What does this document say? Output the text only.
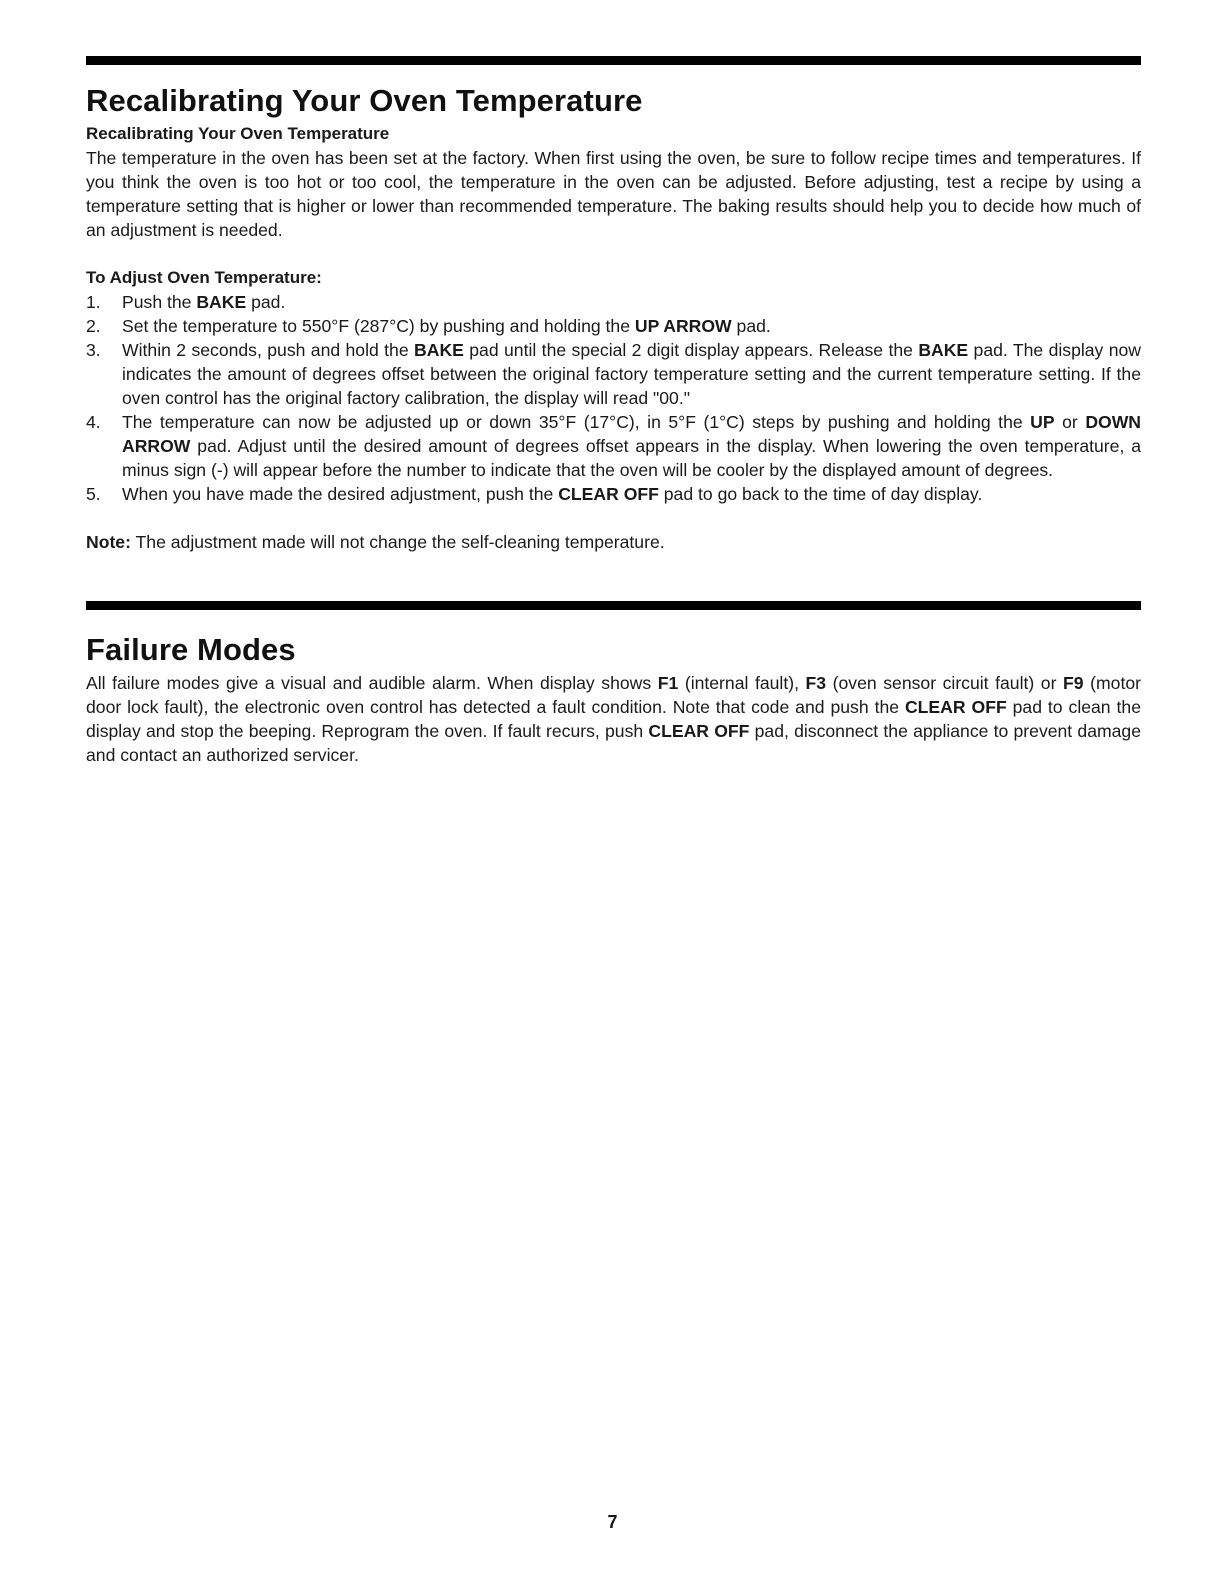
Recalibrating Your Oven Temperature
Recalibrating Your Oven Temperature

The temperature in the oven has been set at the factory. When first using the oven, be sure to follow recipe times and temperatures. If you think the oven is too hot or too cool, the temperature in the oven can be adjusted. Before adjusting, test a recipe by using a temperature setting that is higher or lower than recommended temperature. The baking results should help you to decide how much of an adjustment is needed.

To Adjust Oven Temperature:
1.	Push the BAKE pad.
2.	Set the temperature to 550°F (287°C) by pushing and holding the UP ARROW pad.
3.	Within 2 seconds, push and hold the BAKE pad until the special 2 digit display appears. Release the BAKE pad. The display now indicates the amount of degrees offset between the original factory temperature setting and the current temperature setting. If the oven control has the original factory calibration, the display will read "00."
4.	The temperature can now be adjusted up or down 35°F (17°C), in 5°F (1°C) steps by pushing and holding the UP or DOWN ARROW pad. Adjust until the desired amount of degrees offset appears in the display. When lowering the oven temperature, a minus sign (-) will appear before the number to indicate that the oven will be cooler by the displayed amount of degrees.
5.	When you have made the desired adjustment, push the CLEAR OFF pad to go back to the time of day display.

Note: The adjustment made will not change the self-cleaning temperature.

Failure Modes

All failure modes give a visual and audible alarm. When display shows F1 (internal fault), F3 (oven sensor circuit fault) or F9 (motor door lock fault), the electronic oven control has detected a fault condition. Note that code and push the CLEAR OFF pad to clean the display and stop the beeping. Reprogram the oven. If fault recurs, push CLEAR OFF pad, disconnect the appliance to prevent damage and contact an authorized servicer.

7
